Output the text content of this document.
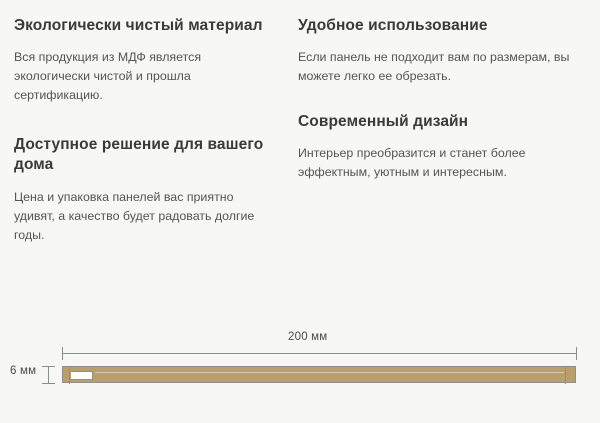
Экологически чистый материал

Вся продукция из МДФ является экологически чистой и прошла сертификацию.

Доступное решение для вашего дома

Цена и упаковка панелей вас приятно удивят, а качество будет радовать долгие годы.

Удобное использование

Если панель не подходит вам по размерам, вы можете легко ее обрезать.

Современный дизайн

Интерьер преобразится и станет более эффектным, уютным и интересным.

200 мм
6 мм
